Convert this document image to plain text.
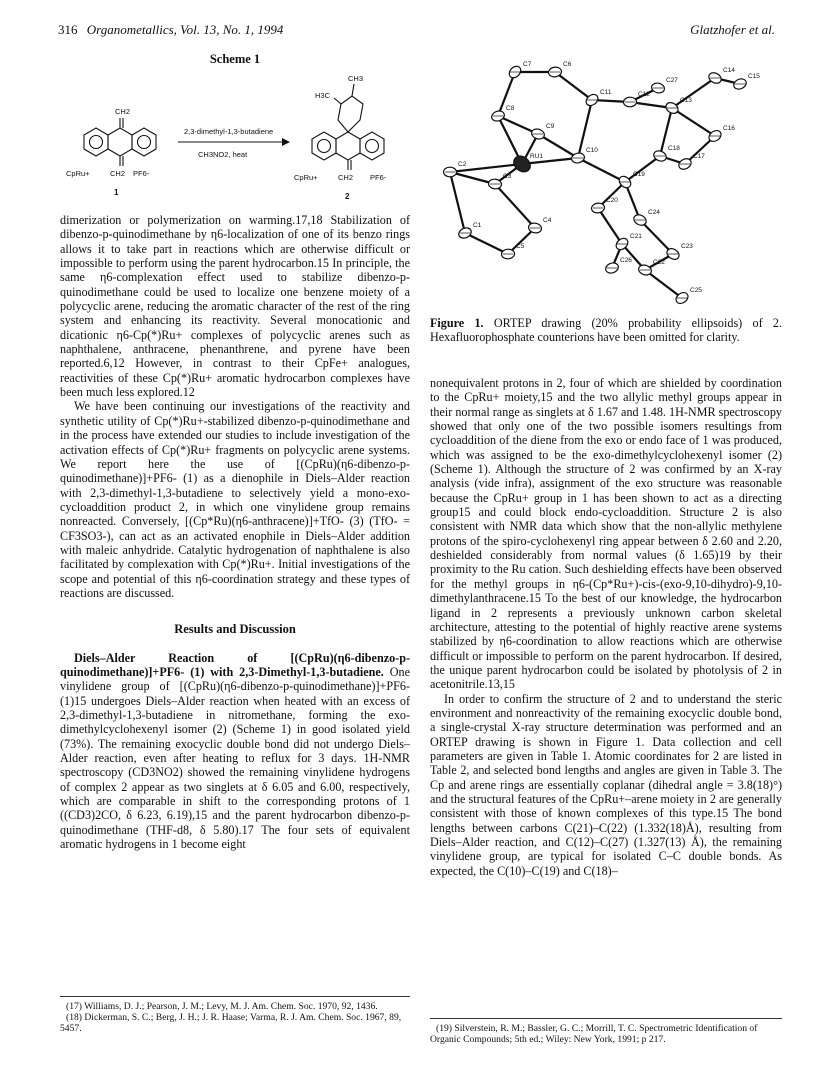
316 Organometallics, Vol. 13, No. 1, 1994	Glatzhofer et al.
Scheme 1
CH2
CpRu+	CH2 PF6-
1
2,3-dimethyl-1,3-butadiene
CH3NO2, heat
CH3
H3C
CpRu+	CH2 PF6-
2
C7	C6
C14
C15
C27
C11	C12
C13
C8
C9	C16
C2
RU1
C10	C18
C17
C3	C19
C20
C24
C1
C4
C21
C5	C23
C26	C22
C25
Figure 1. ORTEP drawing (20% probability ellipsoids) of 2. Hexafluorophosphate counterions have been omitted for clarity.

dimerization or polymerization on warming.17,18 Stabilization of dibenzo-p-quinodimethane by η6-localization of one of its benzo rings allows it to take part in reactions which are otherwise difficult or impossible to perform using the parent hydrocarbon.15 In principle, the same η6-complexation effect used to stabilize dibenzo-p-quinodimethane could be used to localize one benzene moiety of a polycyclic arene, reducing the aromatic character of the rest of the ring system and enhancing its reactivity. Several monocationic and dicationic η6-Cp(*)Ru+ complexes of polycyclic arenes such as naphthalene, anthracene, phenanthrene, and pyrene have been reported.6,12 However, in contrast to their CpFe+ analogues, reactivities of these Cp(*)Ru+ aromatic hydrocarbon complexes have been much less explored.12

We have been continuing our investigations of the reactivity and synthetic utility of Cp(*)Ru+-stabilized dibenzo-p-quinodimethane and in the process have extended our studies to include investigation of the activation effects of Cp(*)Ru+ fragments on polycyclic arene systems. We report here the use of [(CpRu)(η6-dibenzo-p-quinodimethane)]+PF6- (1) as a dienophile in Diels–Alder reaction with 2,3-dimethyl-1,3-butadiene to selectively yield a mono-exo-cycloaddition product 2, in which one vinylidene group remains nonreacted. Conversely, [(Cp*Ru)(η6-anthracene)]+TfO- (3) (TfO- = CF3SO3-), can act as an activated enophile in Diels–Alder addition with maleic anhydride. Catalytic hydrogenation of naphthalene is also facilitated by complexation with Cp(*)Ru+. Initial investigations of the scope and potential of this η6-coordination strategy and these types of reactions are discussed.

Results and Discussion

Diels–Alder Reaction of [(CpRu)(η6-dibenzo-p-quinodimethane)]+PF6- (1) with 2,3-Dimethyl-1,3-butadiene. One vinylidene group of [(CpRu)(η6-dibenzo-p-quinodimethane)]+PF6- (1)15 undergoes Diels–Alder reaction when heated with an excess of 2,3-dimethyl-1,3-butadiene in nitromethane, forming the exo-dimethylcyclohexenyl isomer (2) (Scheme 1) in good isolated yield (73%). The remaining exocyclic double bond did not undergo Diels–Alder reaction, even after heating to reflux for 3 days. 1H-NMR spectroscopy (CD3NO2) showed the remaining vinylidene hydrogens of complex 2 appear as two singlets at δ 6.05 and 6.00, respectively, which are comparable in shift to the corresponding protons of 1 ((CD3)2CO, δ 6.23, 6.19),15 and the parent hydrocarbon dibenzo-p-quinodimethane (THF-d8, δ 5.80).17 The four sets of equivalent aromatic hydrogens in 1 become eight

nonequivalent protons in 2, four of which are shielded by coordination to the CpRu+ moiety,15 and the two allylic methyl groups appear in their normal range as singlets at δ 1.67 and 1.48. 1H-NMR spectroscopy showed that only one of the two possible isomers resultings from cycloaddition of the diene from the exo or endo face of 1 was produced, which was assigned to be the exo-dimethylcyclohexenyl isomer (2) (Scheme 1). Although the structure of 2 was confirmed by an X-ray analysis (vide infra), assignment of the exo structure was reasonable because the CpRu+ group in 1 has been shown to act as a directing group15 and could block endo-cycloaddition. Structure 2 is also consistent with NMR data which show that the non-allylic methylene protons of the spiro-cyclohexenyl ring appear between δ 2.60 and 2.20, deshielded considerably from normal values (δ 1.65)19 by their proximity to the Ru cation. Such deshielding effects have been observed for the methyl groups in η6-(Cp*Ru+)-cis-(exo-9,10-dihydro)-9,10-dimethylanthracene.15 To the best of our knowledge, the hydrocarbon ligand in 2 represents a previously unknown carbon skeletal architecture, attesting to the potential of highly reactive arene systems stabilized by η6-coordination to allow reactions which are otherwise difficult or impossible to perform on the parent hydrocarbon. If desired, the unique parent hydrocarbon could be isolated by photolysis of 2 in acetonitrile.13,15

In order to confirm the structure of 2 and to understand the steric environment and nonreactivity of the remaining exocyclic double bond, a single-crystal X-ray structure determination was performed and an ORTEP drawing is shown in Figure 1. Data collection and cell parameters are given in Table 1. Atomic coordinates for 2 are listed in Table 2, and selected bond lengths and angles are given in Table 3. The Cp and arene rings are essentially coplanar (dihedral angle = 3.8(18)°) and the structural features of the CpRu+–arene moiety in 2 are generally consistent with those of known complexes of this type.15 The bond lengths between carbons C(21)–C(22) (1.332(18)Å), resulting from Diels–Alder reaction, and C(12)–C(27) (1.327(13) Å), the remaining vinylidene group, are typical for isolated C–C double bonds. As expected, the C(10)–C(19) and C(18)–

(17) Williams, D. J.; Pearson, J. M.; Levy, M. J. Am. Chem. Soc. 1970, 92, 1436.
(18) Dickerman, S. C.; Berg, J. H.; J. R. Haase; Varma, R. J. Am. Chem. Soc. 1967, 89, 5457.	(19) Silverstein, R. M.; Bassler, G. C.; Morrill, T. C. Spectrometric Identification of Organic Compounds; 5th ed.; Wiley: New York, 1991; p 217.
